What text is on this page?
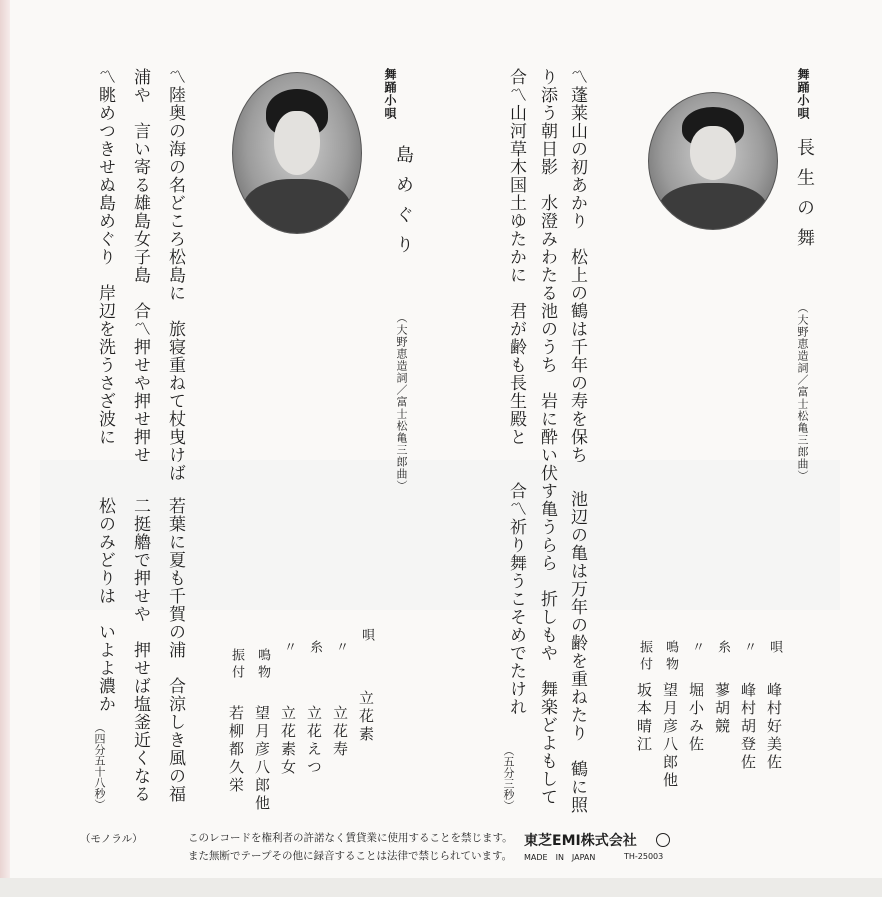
舞踊小唄
長生の舞
（大野恵造詞／富士松亀三郎曲）
〽蓬莱山の初あかり　松上の鶴は千年の寿を保ち
り添う朝日影　水澄みわたる池のうち　岩に酔い伏す亀うらら
合〽山河草木国土ゆたかに　君が齢も長生殿と
池辺の亀は万年の齢を重ねたり　鶴に照
折しもや　舞楽どよもして
合〽祈り舞うこそめでたけれ
（五分三秒）
唄
峰村好美佐
〃
峰村胡登佐
糸
蓼胡競
〃
堀小み佐
鳴物
望月彦八郎他
振付
坂本晴江
舞踊小唄
島めぐり
（大野恵造詞／富士松亀三郎曲）
〽陸奥の海の名どころ松島に　旅寝重ねて杖曳けば
浦や　言い寄る雄島女子島　合〽押せや押せ押せ
〽眺めつきせぬ島めぐり　岸辺を洗うさざ波に
若葉に夏も千賀の浦　合涼しき風の福
二挺艪で押せや　押せば塩釜近くなる
松のみどりは　いよよ濃か
（四分五十八秒）
唄
立花素
〃
立花寿
糸
立花えつ
〃
立花素女
鳴物
望月彦八郎他
振付
若柳都久栄
（モノラル）	このレコードを権利者の許諾なく賃貸業に使用することを禁じます。
また無断でテープその他に録音することは法律で禁じられています。
東芝EMI株式会社
MADE　IN　JAPAN	TH-25003
